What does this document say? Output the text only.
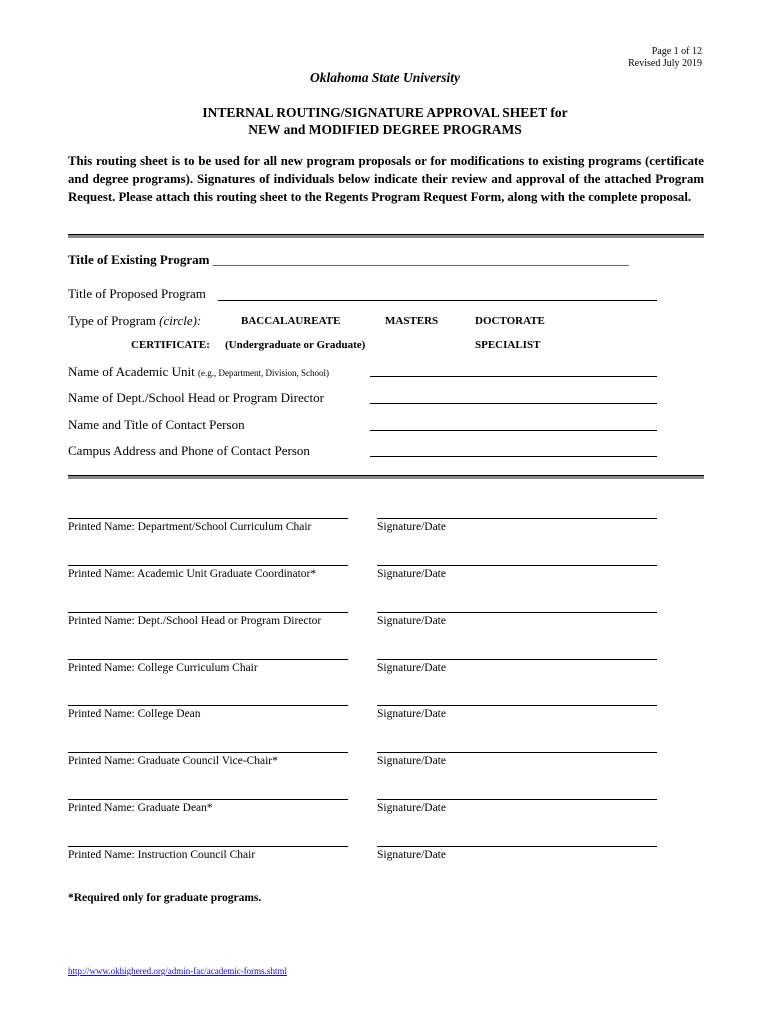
Page 1 of 12
Revised July 2019
Oklahoma State University
INTERNAL ROUTING/SIGNATURE APPROVAL SHEET for
NEW and MODIFIED DEGREE PROGRAMS
This routing sheet is to be used for all new program proposals or for modifications to existing programs (certificate and degree programs). Signatures of individuals below indicate their review and approval of the attached Program Request. Please attach this routing sheet to the Regents Program Request Form, along with the complete proposal.
Title of Existing Program ________________________________________________________________
Title of Proposed Program
Type of Program (circle):	BACCALAUREATE	MASTERS	DOCTORATE
CERTIFICATE: (Undergraduate or Graduate)	SPECIALIST
Name of Academic Unit (e.g., Department, Division, School)
Name of Dept./School Head or Program Director
Name and Title of Contact Person
Campus Address and Phone of Contact Person
Printed Name: Department/School Curriculum Chair	Signature/Date
Printed Name: Academic Unit Graduate Coordinator*	Signature/Date
Printed Name: Dept./School Head or Program Director	Signature/Date
Printed Name: College Curriculum Chair	Signature/Date
Printed Name: College Dean	Signature/Date
Printed Name: Graduate Council Vice-Chair*	Signature/Date
Printed Name: Graduate Dean*	Signature/Date
Printed Name: Instruction Council Chair	Signature/Date
*Required only for graduate programs.
http://www.okhighered.org/admin-fac/academic-forms.shtml
